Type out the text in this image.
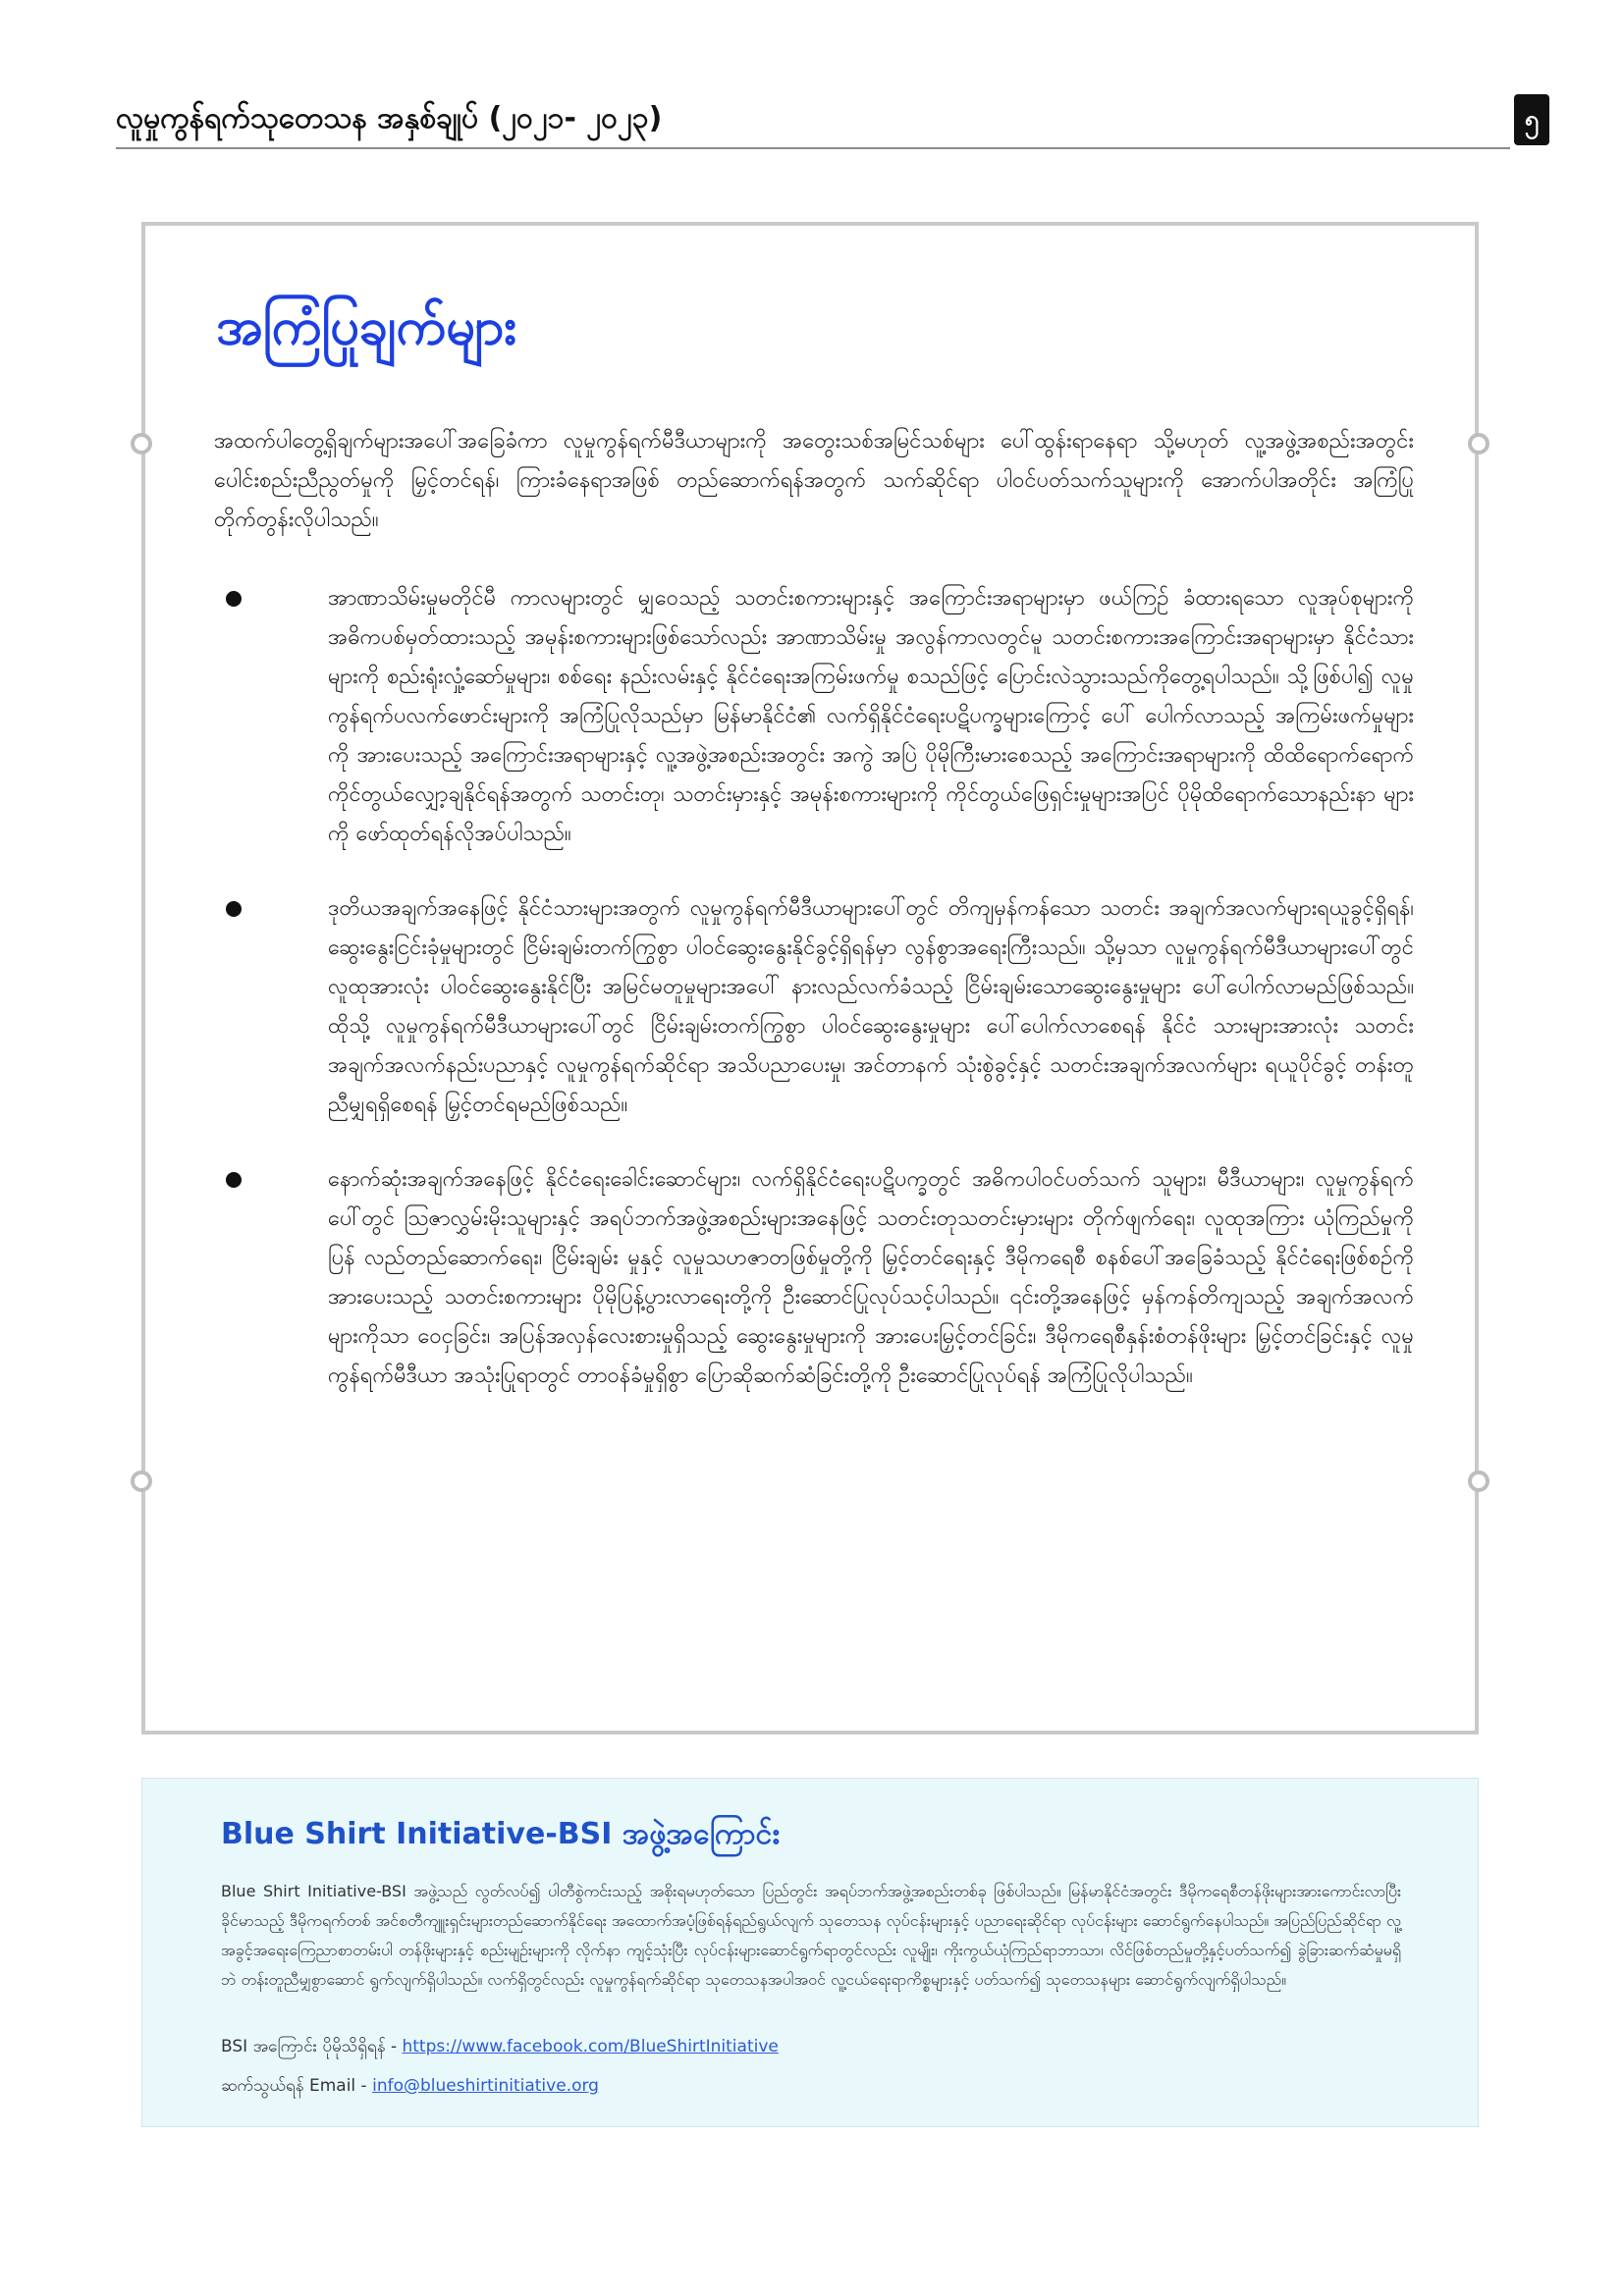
လူမှုကွန်ရက်သုတေသန အနှစ်ချုပ် (၂၀၂၁- ၂၀၂၃)	၅
အကြံပြုချက်များ
အထက်ပါတွေ့ရှိချက်များအပေါ်အခြေခံကာ လူမှုကွန်ရက်မီဒီယာများကို အတွေးသစ်အမြင်သစ်များ ပေါ်ထွန်းရာနေရာ သို့မဟုတ် လူ့အဖွဲ့အစည်းအတွင်း ပေါင်းစည်းညီညွတ်မှုကို မြှင့်တင်ရန်၊ ကြားခံနေရာအဖြစ် တည်ဆောက်ရန်အတွက် သက်ဆိုင်ရာ ပါဝင်ပတ်သက်သူများကို အောက်ပါအတိုင်း အကြံပြုတိုက်တွန်းလိုပါသည်။
အာဏာသိမ်းမှုမတိုင်မီ ကာလများတွင် မျှဝေသည့် သတင်းစကားများနှင့် အကြောင်းအရာများမှာ ဖယ်ကြဉ် ခံထားရသော လူအုပ်စုများကို အဓိကပစ်မှတ်ထားသည့် အမုန်းစကားများဖြစ်သော်လည်း အာဏာသိမ်းမှု အလွန်ကာလတွင်မူ သတင်းစကားအကြောင်းအရာများမှာ နိုင်ငံသားများကို စည်းရုံးလှုံ့ဆော်မှုများ၊ စစ်ရေး နည်းလမ်းနှင့် နိုင်ငံရေးအကြမ်းဖက်မှု စသည်ဖြင့် ပြောင်းလဲသွားသည်ကိုတွေ့ရပါသည်။ သို့ဖြစ်ပါ၍ လူမှု ကွန်ရက်ပလက်ဖောင်းများကို အကြံပြုလိုသည်မှာ မြန်မာနိုင်ငံ၏ လက်ရှိနိုင်ငံရေးပဋိပက္ခများကြောင့် ပေါ် ပေါက်လာသည့် အကြမ်းဖက်မှုများကို အားပေးသည့် အကြောင်းအရာများနှင့် လူ့အဖွဲ့အစည်းအတွင်း အကွဲ အပြဲ ပိုမိုကြီးမားစေသည့် အကြောင်းအရာများကို ထိထိရောက်ရောက် ကိုင်တွယ်လျှော့ချနိုင်ရန်အတွက် သတင်းတု၊ သတင်းမှားနှင့် အမုန်းစကားများကို ကိုင်တွယ်ဖြေရှင်းမှုများအပြင် ပိုမိုထိရောက်သောနည်းနာ များကို ဖော်ထုတ်ရန်လိုအပ်ပါသည်။
ဒုတိယအချက်အနေဖြင့် နိုင်ငံသားများအတွက် လူမှုကွန်ရက်မီဒီယာများပေါ်တွင် တိကျမှန်ကန်သော သတင်း အချက်အလက်များရယူခွင့်ရှိရန်၊ ဆွေးနွေးငြင်းခုံမှုများတွင် ငြိမ်းချမ်းတက်ကြွစွာ ပါဝင်ဆွေးနွေးနိုင်ခွင့်ရှိရန်မှာ လွန်စွာအရေးကြီးသည်။ သို့မှသာ လူမှုကွန်ရက်မီဒီယာများပေါ်တွင် လူထုအားလုံး ပါဝင်ဆွေးနွေးနိုင်ပြီး အမြင်မတူမှုများအပေါ် နားလည်လက်ခံသည့် ငြိမ်းချမ်းသောဆွေးနွေးမှုများ ပေါ်ပေါက်လာမည်ဖြစ်သည်။ ထိုသို့ လူမှုကွန်ရက်မီဒီယာများပေါ်တွင် ငြိမ်းချမ်းတက်ကြွစွာ ပါဝင်ဆွေးနွေးမှုများ ပေါ်ပေါက်လာစေရန် နိုင်ငံ သားများအားလုံး သတင်းအချက်အလက်နည်းပညာနှင့် လူမှုကွန်ရက်ဆိုင်ရာ အသိပညာပေးမှု၊ အင်တာနက် သုံးစွဲခွင့်နှင့် သတင်းအချက်အလက်များ ရယူပိုင်ခွင့် တန်းတူညီမျှရရှိစေရန် မြှင့်တင်ရမည်ဖြစ်သည်။
နောက်ဆုံးအချက်အနေဖြင့် နိုင်ငံရေးခေါင်းဆောင်များ၊ လက်ရှိနိုင်ငံရေးပဋိပက္ခတွင် အဓိကပါဝင်ပတ်သက် သူများ၊ မီဒီယာများ၊ လူမှုကွန်ရက်ပေါ်တွင် ဩဇာလွှမ်းမိုးသူများနှင့် အရပ်ဘက်အဖွဲ့အစည်းများအနေဖြင့် သတင်းတုသတင်းမှားများ တိုက်ဖျက်ရေး၊ လူထုအကြား ယုံကြည်မှုကို ပြန် လည်တည်ဆောက်ရေး၊ ငြိမ်းချမ်း မှုနှင့် လူမှုသဟဇာတဖြစ်မှုတို့ကို မြှင့်တင်ရေးနှင့် ဒီမိုကရေစီ စနစ်ပေါ်အခြေခံသည့် နိုင်ငံရေးဖြစ်စဉ်ကို အားပေးသည့် သတင်းစကားများ ပိုမိုပြန့်ပွားလာရေးတို့ကို ဦးဆောင်ပြုလုပ်သင့်ပါသည်။ ၎င်းတို့အနေဖြင့် မှန်ကန်တိကျသည့် အချက်အလက်များကိုသာ ဝေငှခြင်း၊ အပြန်အလှန်လေးစားမှုရှိသည့် ဆွေးနွေးမှုများကို အားပေးမြှင့်တင်ခြင်း၊ ဒီမိုကရေစီနှန်းစံတန်ဖိုးများ မြှင့်တင်ခြင်းနှင့် လူမှုကွန်ရက်မီဒီယာ အသုံးပြုရာတွင် တာဝန်ခံမှုရှိစွာ ပြောဆိုဆက်ဆံခြင်းတို့ကို ဦးဆောင်ပြုလုပ်ရန် အကြံပြုလိုပါသည်။
Blue Shirt Initiative-BSI အဖွဲ့အကြောင်း
Blue Shirt Initiative-BSI အဖွဲ့သည် လွတ်လပ်၍ ပါတီစွဲကင်းသည့် အစိုးရမဟုတ်သော ပြည်တွင်း အရပ်ဘက်အဖွဲ့အစည်းတစ်ခု ဖြစ်ပါသည်။ မြန်မာနိုင်ငံအတွင်း ဒီမိုကရေစီတန်ဖိုးများအားကောင်းလာပြီး ခိုင်မာသည့် ဒီမိုကရက်တစ် အင်စတီကျူးရှင်းများတည်ဆောက်နိုင်ရေး အထောက်အပံ့ဖြစ်ရန်ရည်ရွယ်လျက် သုတေသန လုပ်ငန်းများနှင့် ပညာရေးဆိုင်ရာ လုပ်ငန်းများ ဆောင်ရွက်နေပါသည်။ အပြည်ပြည်ဆိုင်ရာ လူ့အခွင့်အရေးကြေညာစာတမ်းပါ တန်ဖိုးများနှင့် စည်းမျဉ်းများကို လိုက်နာ ကျင့်သုံးပြီး လုပ်ငန်းများဆောင်ရွက်ရာတွင်လည်း လူမျိုး၊ ကိုးကွယ်ယုံကြည်ရာဘာသာ၊ လိင်ဖြစ်တည်မှုတို့နှင့်ပတ်သက်၍ ခွဲခြားဆက်ဆံမှုမရှိဘဲ တန်းတူညီမျှစွာဆောင် ရွက်လျက်ရှိပါသည်။ လက်ရှိတွင်လည်း လူမှုကွန်ရက်ဆိုင်ရာ သုတေသနအပါအဝင် လူ့ငယ်ရေးရာကိစ္စများနှင့် ပတ်သက်၍ သုတေသနများ ဆောင်ရွက်လျက်ရှိပါသည်။
BSI အကြောင်း ပိုမိုသိရှိရန် - https://www.facebook.com/BlueShirtInitiative
ဆက်သွယ်ရန် Email - info@blueshirtinitiative.org
